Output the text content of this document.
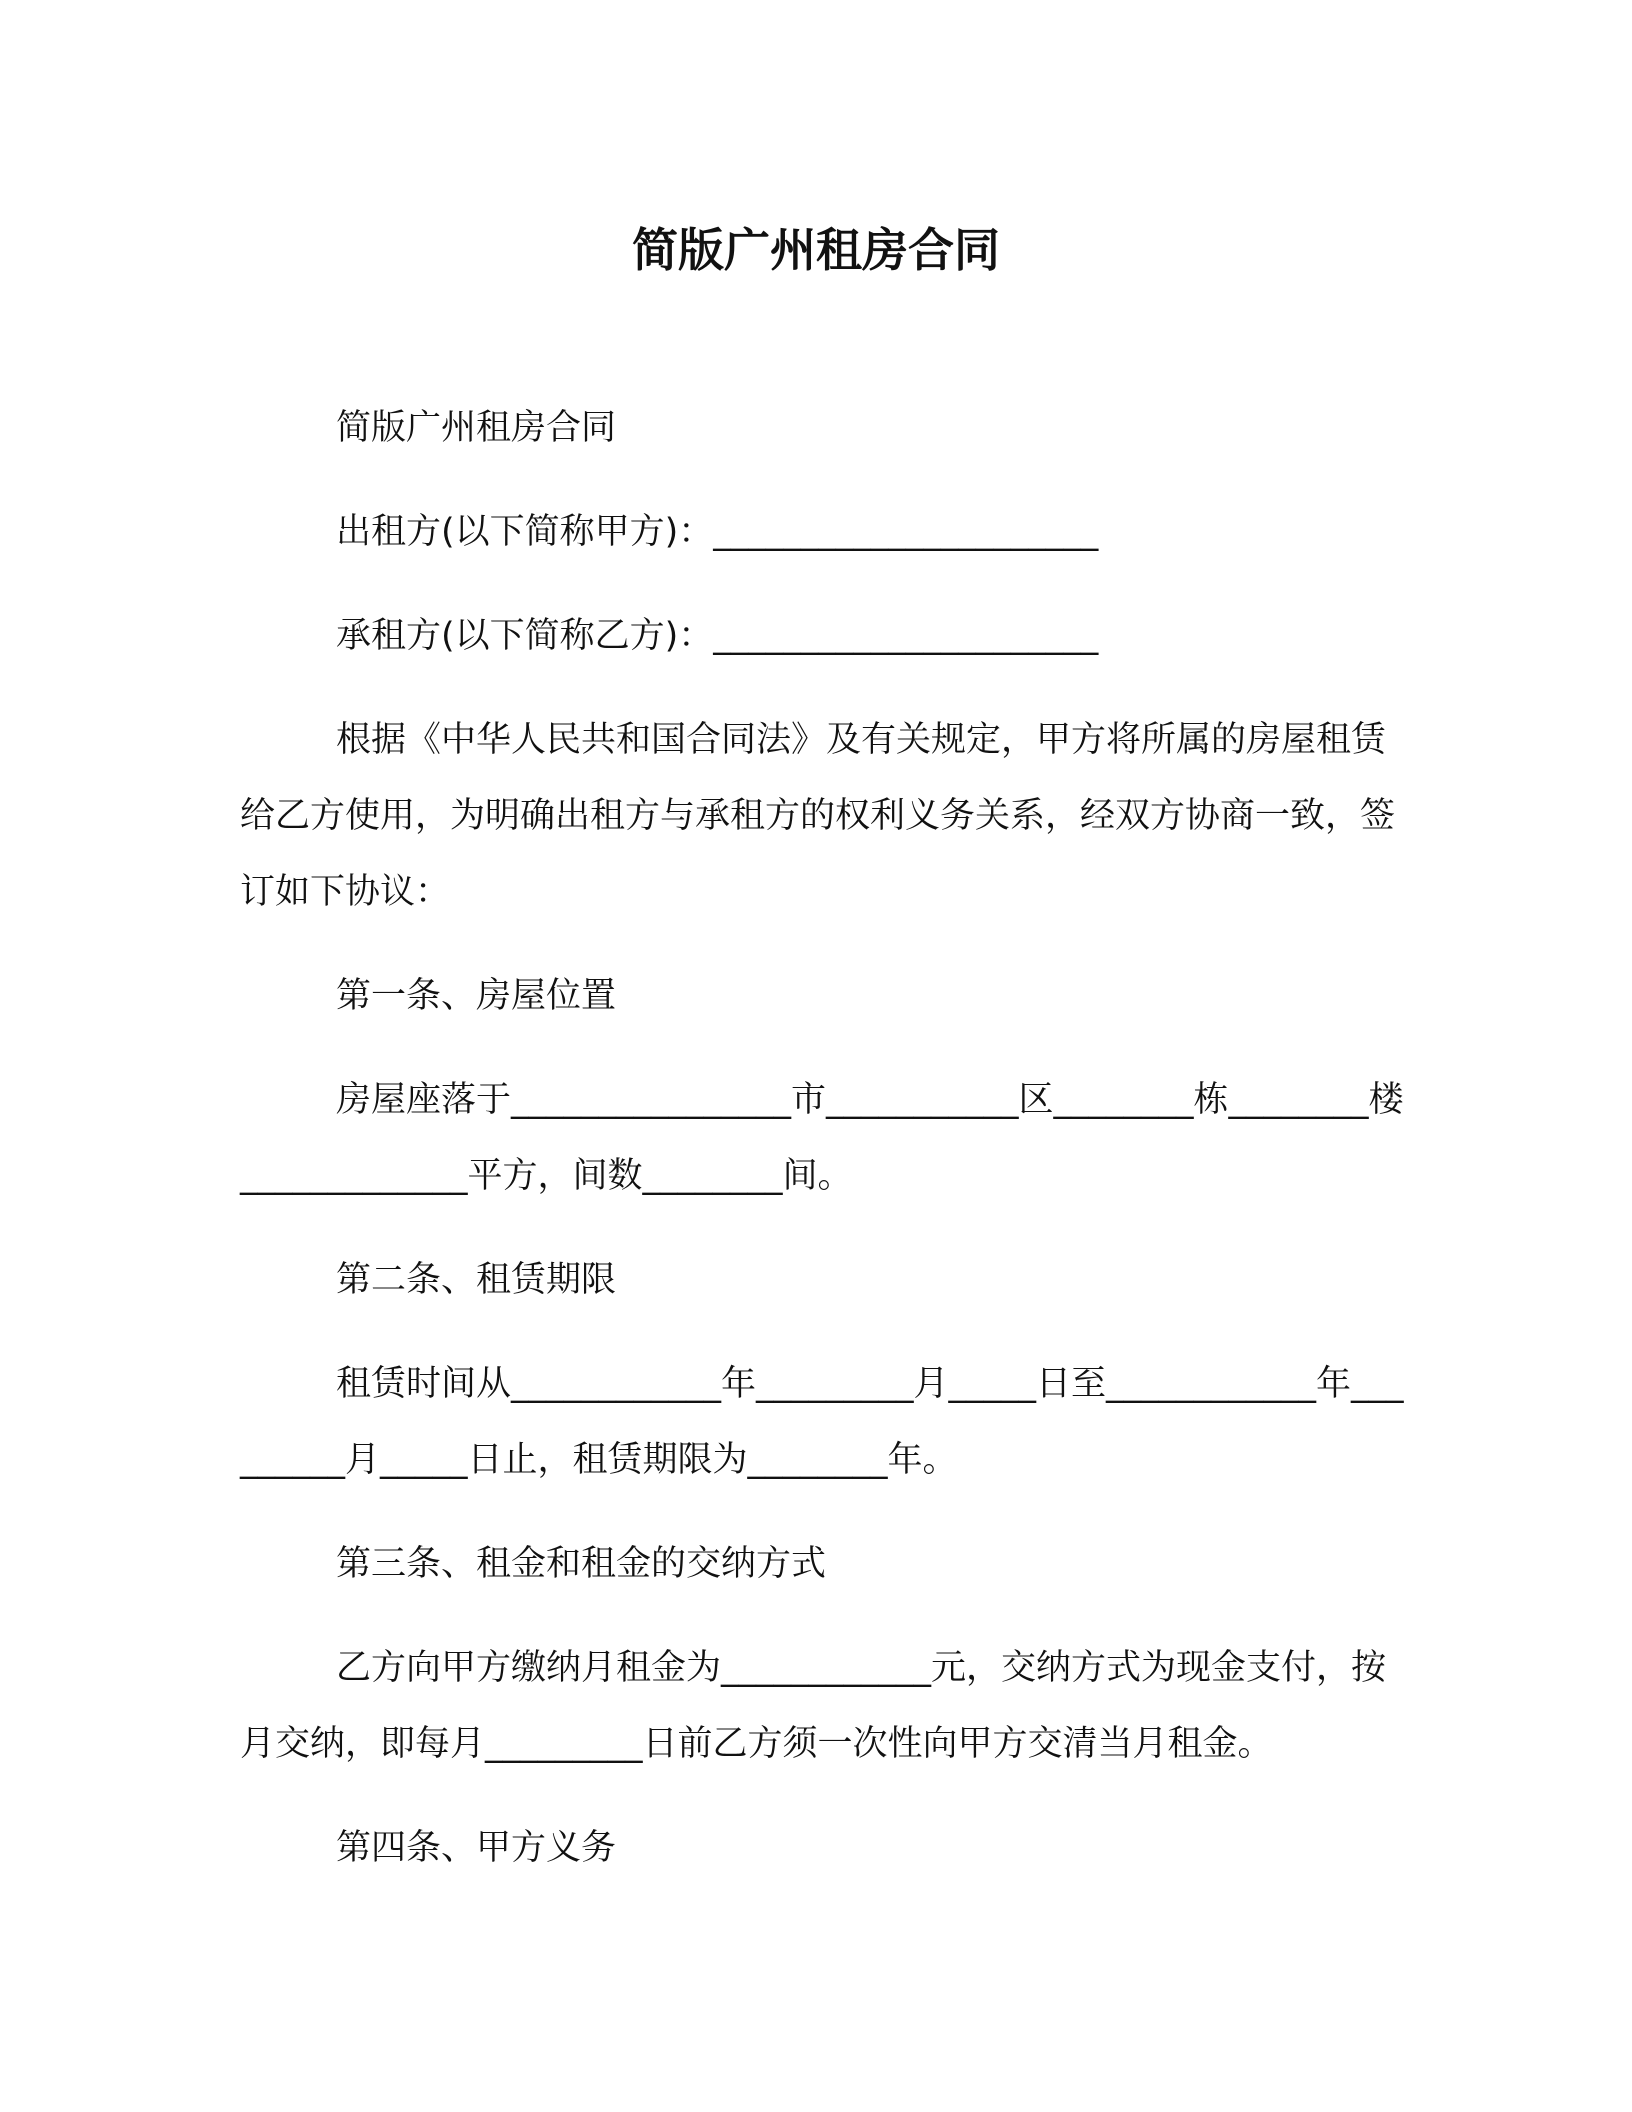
简版广州租房合同

简版广州租房合同

出租方(以下简称甲方)：______________________

承租方(以下简称乙方)：______________________

根据《中华人民共和国合同法》及有关规定，甲方将所属的房屋租赁给乙方使用，为明确出租方与承租方的权利义务关系，经双方协商一致，签订如下协议：

第一条、房屋位置

房屋座落于________________市___________区________栋________楼_____________平方，间数________间。

第二条、租赁期限

租赁时间从____________年_________月_____日至____________年_________月_____日止，租赁期限为________年。

第三条、租金和租金的交纳方式

乙方向甲方缴纳月租金为____________元，交纳方式为现金支付，按月交纳，即每月_________日前乙方须一次性向甲方交清当月租金。

第四条、甲方义务
